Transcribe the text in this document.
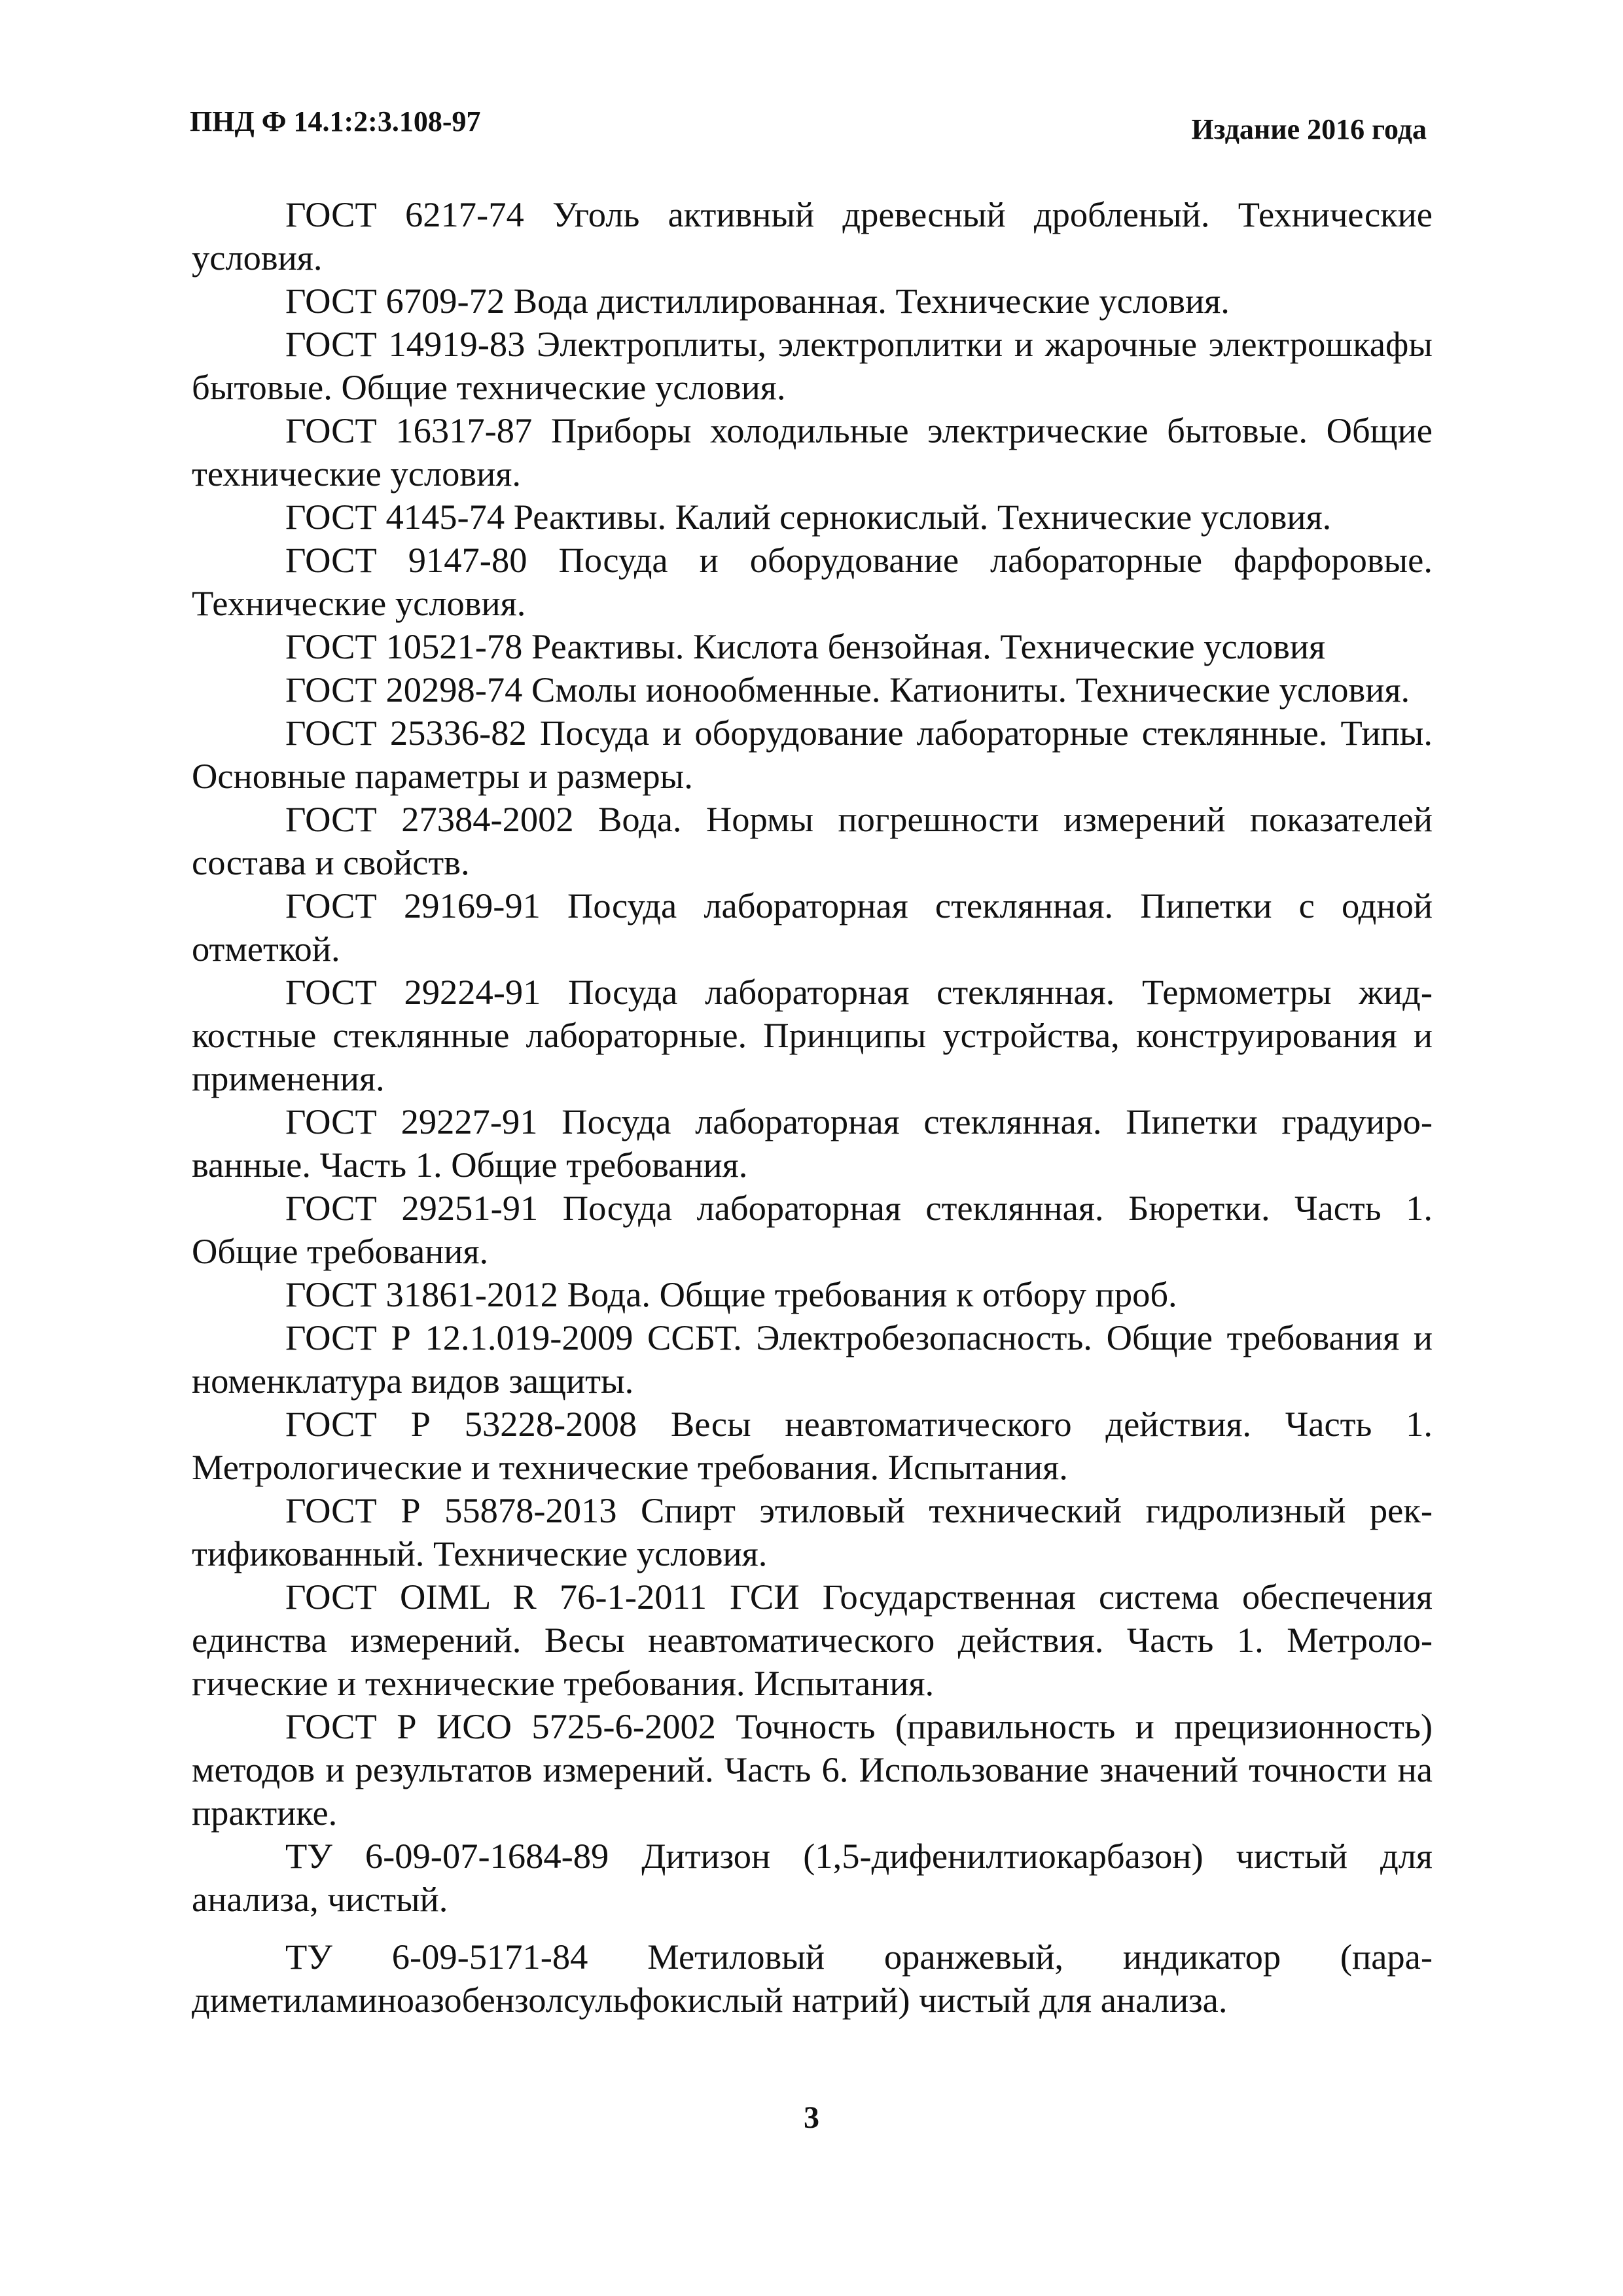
ПНД Ф 14.1:2:3.108-97	Издание 2016 года

ГОСТ 6217-74 Уголь активный древесный дробленый. Технические условия.

ГОСТ 6709-72 Вода дистиллированная. Технические условия.

ГОСТ 14919-83 Электроплиты, электроплитки и жарочные электрошкафы бытовые. Общие технические условия.

ГОСТ 16317-87 Приборы холодильные электрические бытовые. Общие технические условия.

ГОСТ 4145-74 Реактивы. Калий сернокислый. Технические условия.

ГОСТ 9147-80 Посуда и оборудование лабораторные фарфоровые. Технические условия.

ГОСТ 10521-78 Реактивы. Кислота бензойная. Технические условия

ГОСТ 20298-74 Смолы ионообменные. Катиониты. Технические условия.

ГОСТ 25336-82 Посуда и оборудование лабораторные стеклянные. Типы. Основные параметры и размеры.

ГОСТ 27384-2002 Вода. Нормы погрешности измерений показателей состава и свойств.

ГОСТ 29169-91 Посуда лабораторная стеклянная. Пипетки с одной отметкой.

ГОСТ 29224-91 Посуда лабораторная стеклянная. Термометры жидкостные стеклянные лабораторные. Принципы устройства, конструирования и применения.

ГОСТ 29227-91 Посуда лабораторная стеклянная. Пипетки градуированные. Часть 1. Общие требования.

ГОСТ 29251-91 Посуда лабораторная стеклянная. Бюретки. Часть 1. Общие требования.

ГОСТ 31861-2012 Вода. Общие требования к отбору проб.

ГОСТ Р 12.1.019-2009 ССБТ. Электробезопасность. Общие требования и номенклатура видов защиты.

ГОСТ Р 53228-2008 Весы неавтоматического действия. Часть 1. Метрологические и технические требования. Испытания.

ГОСТ Р 55878-2013 Спирт этиловый технический гидролизный ректификованный. Технические условия.

ГОСТ OIML R 76-1-2011 ГСИ Государственная система обеспечения единства измерений. Весы неавтоматического действия. Часть 1. Метрологические и технические требования. Испытания.

ГОСТ Р ИСО 5725-6-2002 Точность (правильность и прецизионность) методов и результатов измерений. Часть 6. Использование значений точности на практике.

ТУ 6-09-07-1684-89 Дитизон (1,5-дифенилтиокарбазон) чистый для анализа, чистый.

ТУ 6-09-5171-84 Метиловый оранжевый, индикатор (парадиметиламиноазобензолсульфокислый натрий) чистый для анализа.

3
